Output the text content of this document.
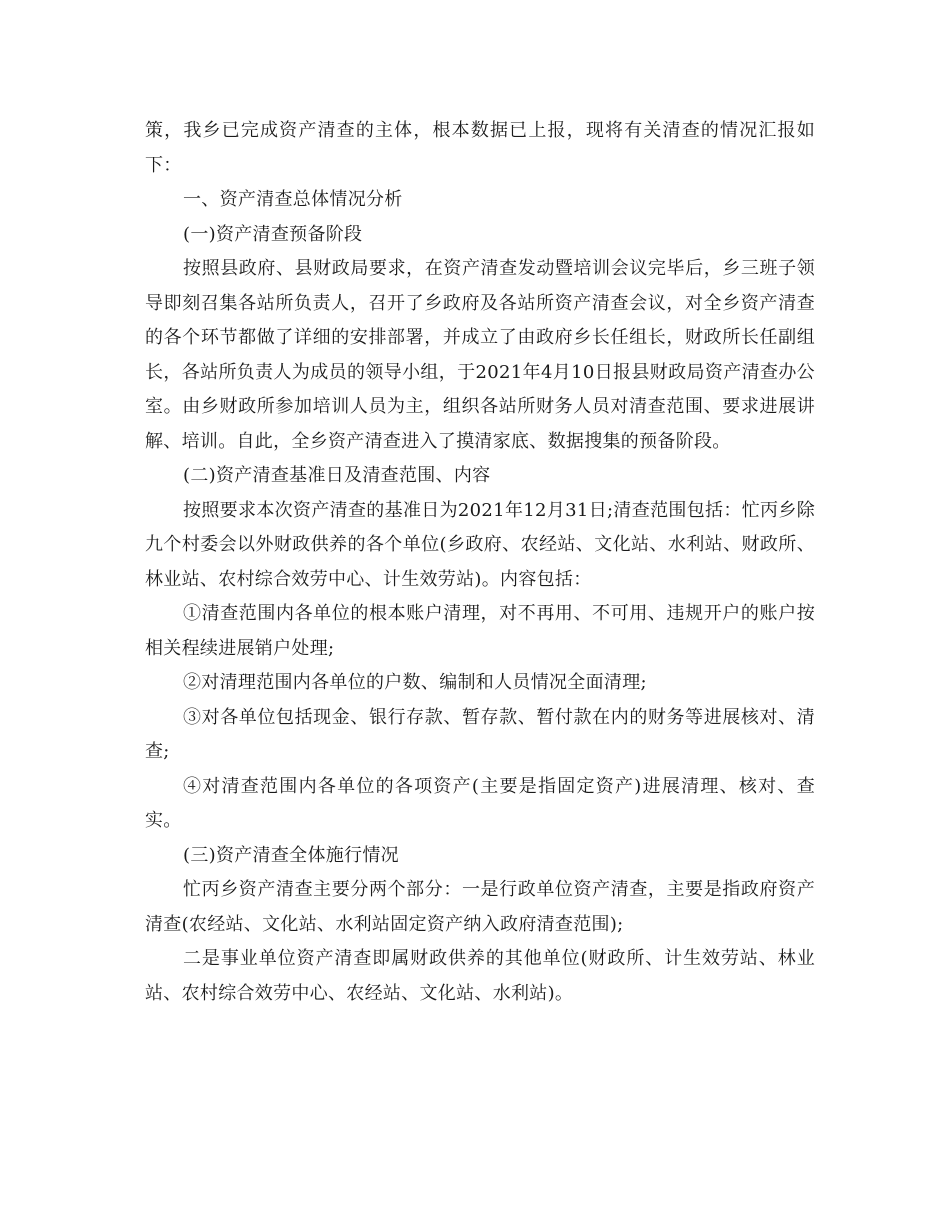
策，我乡已完成资产清查的主体，根本数据已上报，现将有关清查的情况汇报如下：

一、资产清查总体情况分析

(一)资产清查预备阶段

按照县政府、县财政局要求，在资产清查发动暨培训会议完毕后，乡三班子领导即刻召集各站所负责人，召开了乡政府及各站所资产清查会议，对全乡资产清查的各个环节都做了详细的安排部署，并成立了由政府乡长任组长，财政所长任副组长，各站所负责人为成员的领导小组，于2021年4月10日报县财政局资产清查办公室。由乡财政所参加培训人员为主，组织各站所财务人员对清查范围、要求进展讲解、培训。自此，全乡资产清查进入了摸清家底、数据搜集的预备阶段。

(二)资产清查基准日及清查范围、内容

按照要求本次资产清查的基准日为2021年12月31日;清查范围包括：忙丙乡除九个村委会以外财政供养的各个单位(乡政府、农经站、文化站、水利站、财政所、林业站、农村综合效劳中心、计生效劳站)。内容包括：

①清查范围内各单位的根本账户清理，对不再用、不可用、违规开户的账户按相关程续进展销户处理;

②对清理范围内各单位的户数、编制和人员情况全面清理;

③对各单位包括现金、银行存款、暂存款、暂付款在内的财务等进展核对、清查;

④对清查范围内各单位的各项资产(主要是指固定资产)进展清理、核对、查实。

(三)资产清查全体施行情况

忙丙乡资产清查主要分两个部分：一是行政单位资产清查，主要是指政府资产清查(农经站、文化站、水利站固定资产纳入政府清查范围);

二是事业单位资产清查即属财政供养的其他单位(财政所、计生效劳站、林业站、农村综合效劳中心、农经站、文化站、水利站)。
